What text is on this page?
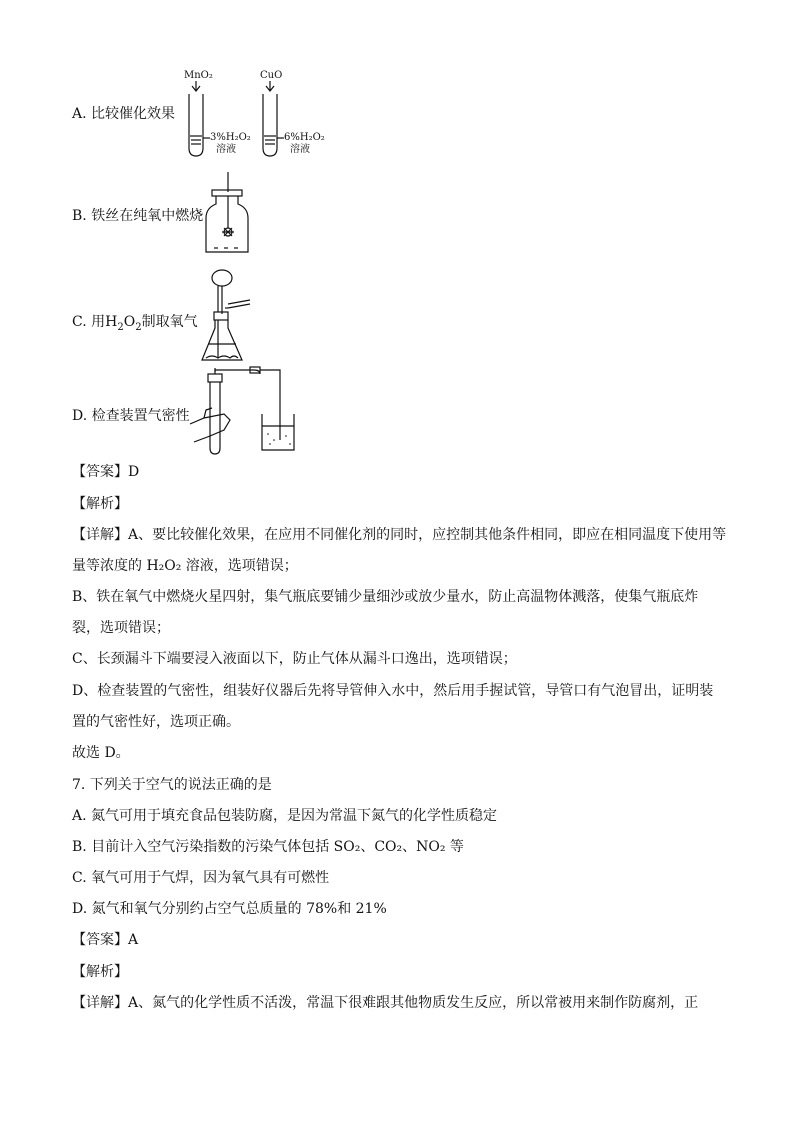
A. 比较催化效果
MnO₂
3%H₂O₂
溶液
CuO
6%H₂O₂
溶液
B. 铁丝在纯氧中燃烧
C. 用$H_2O_2$制取氧气
D. 检查装置气密性
【答案】D
【解析】
【详解】A、要比较催化效果，在应用不同催化剂的同时，应控制其他条件相同，即应在相同温度下使用等
量等浓度的 H₂O₂ 溶液，选项错误；
B、铁在氧气中燃烧火星四射，集气瓶底要铺少量细沙或放少量水，防止高温物体溅落，使集气瓶底炸
裂，选项错误；
C、长颈漏斗下端要浸入液面以下，防止气体从漏斗口逸出，选项错误；
D、检查装置的气密性，组装好仪器后先将导管伸入水中，然后用手握试管，导管口有气泡冒出，证明装
置的气密性好，选项正确。
故选 D。
7. 下列关于空气的说法正确的是
A. 氮气可用于填充食品包装防腐，是因为常温下氮气的化学性质稳定
B. 目前计入空气污染指数的污染气体包括 SO₂、CO₂、NO₂ 等
C. 氧气可用于气焊，因为氧气具有可燃性
D. 氮气和氧气分别约占空气总质量的 78%和 21%
【答案】A
【解析】
【详解】A、氮气的化学性质不活泼，常温下很难跟其他物质发生反应，所以常被用来制作防腐剂，正
